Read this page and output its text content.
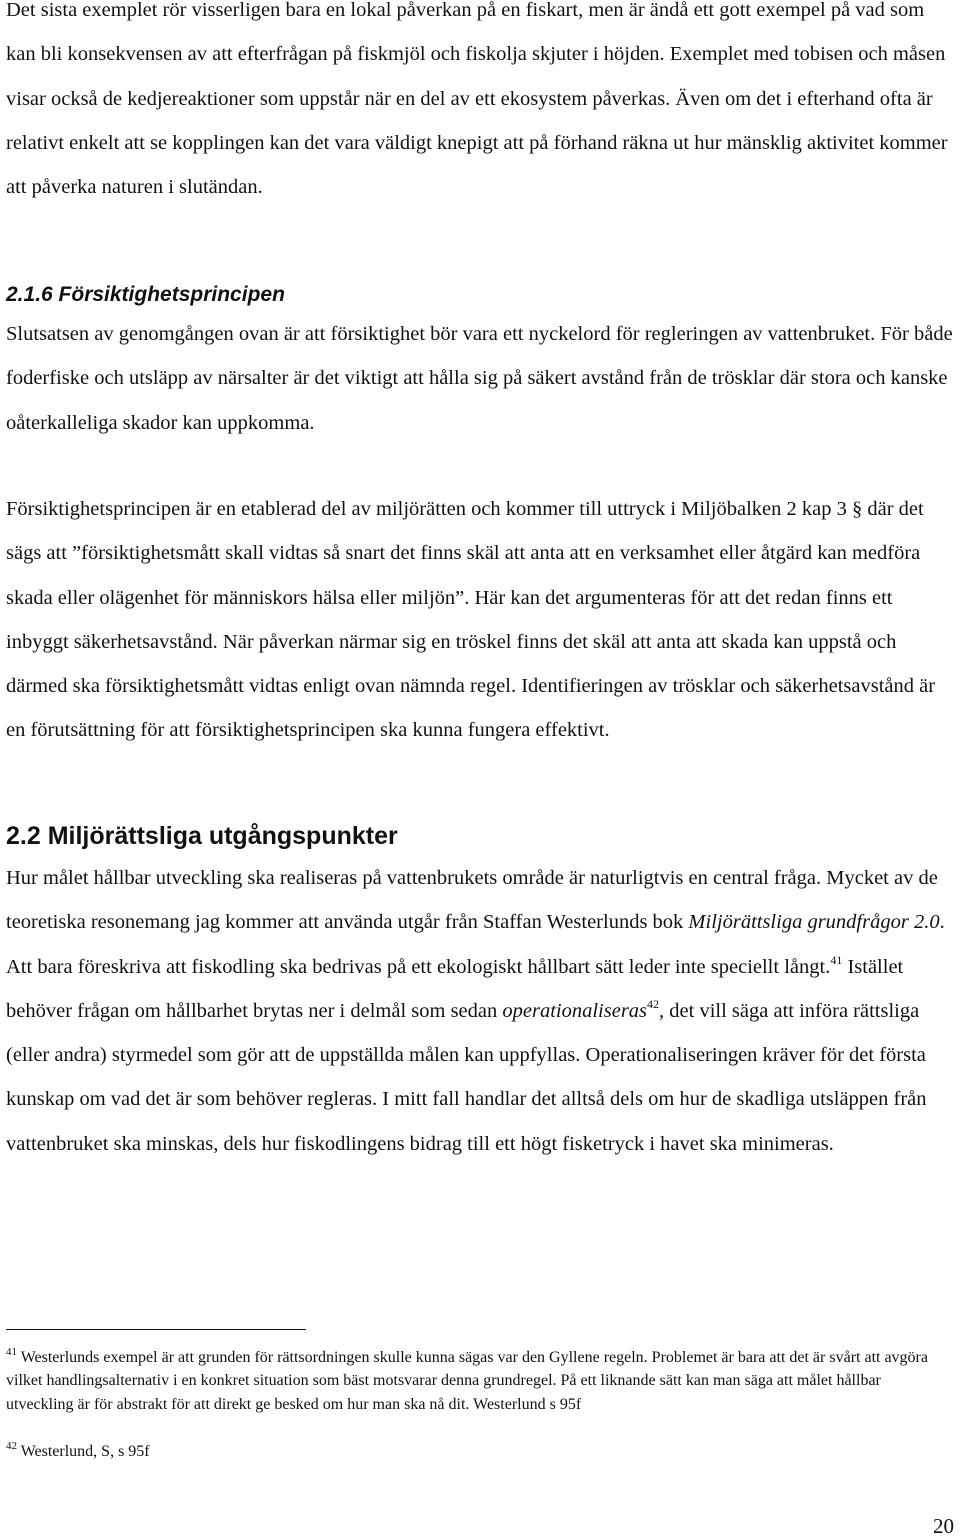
Det sista exemplet rör visserligen bara en lokal påverkan på en fiskart, men är ändå ett gott exempel på vad som kan bli konsekvensen av att efterfrågan på fiskmjöl och fiskolja skjuter i höjden. Exemplet med tobisen och måsen visar också de kedjereaktioner som uppstår när en del av ett ekosystem påverkas. Även om det i efterhand ofta är relativt enkelt att se kopplingen kan det vara väldigt knepigt att på förhand räkna ut hur mänsklig aktivitet kommer att påverka naturen i slutändan.

2.1.6 Försiktighetsprincipen

Slutsatsen av genomgången ovan är att försiktighet bör vara ett nyckelord för regleringen av vattenbruket. För både foderfiske och utsläpp av närsalter är det viktigt att hålla sig på säkert avstånd från de trösklar där stora och kanske oåterkalleliga skador kan uppkomma.

Försiktighetsprincipen är en etablerad del av miljörätten och kommer till uttryck i Miljöbalken 2 kap 3 § där det sägs att ”försiktighetsmått skall vidtas så snart det finns skäl att anta att en verksamhet eller åtgärd kan medföra skada eller olägenhet för människors hälsa eller miljön”. Här kan det argumenteras för att det redan finns ett inbyggt säkerhetsavstånd. När påverkan närmar sig en tröskel finns det skäl att anta att skada kan uppstå och därmed ska försiktighetsmått vidtas enligt ovan nämnda regel. Identifieringen av trösklar och säkerhetsavstånd är en förutsättning för att försiktighetsprincipen ska kunna fungera effektivt.

2.2 Miljörättsliga utgångspunkter

Hur målet hållbar utveckling ska realiseras på vattenbrukets område är naturligtvis en central fråga. Mycket av de teoretiska resonemang jag kommer att använda utgår från Staffan Westerlunds bok Miljörättsliga grundfrågor 2.0. Att bara föreskriva att fiskodling ska bedrivas på ett ekologiskt hållbart sätt leder inte speciellt långt.$^{41}$ Istället behöver frågan om hållbarhet brytas ner i delmål som sedan operationaliseras$^{42}$, det vill säga att införa rättsliga (eller andra) styrmedel som gör att de uppställda målen kan uppfyllas. Operationaliseringen kräver för det första kunskap om vad det är som behöver regleras. I mitt fall handlar det alltså dels om hur de skadliga utsläppen från vattenbruket ska minskas, dels hur fiskodlingens bidrag till ett högt fisketryck i havet ska minimeras.

$^{41}$ Westerlunds exempel är att grunden för rättsordningen skulle kunna sägas var den Gyllene regeln. Problemet är bara att det är svårt att avgöra vilket handlingsalternativ i en konkret situation som bäst motsvarar denna grundregel. På ett liknande sätt kan man säga att målet hållbar utveckling är för abstrakt för att direkt ge besked om hur man ska nå dit. Westerlund s 95f

$^{42}$ Westerlund, S, s 95f

20
